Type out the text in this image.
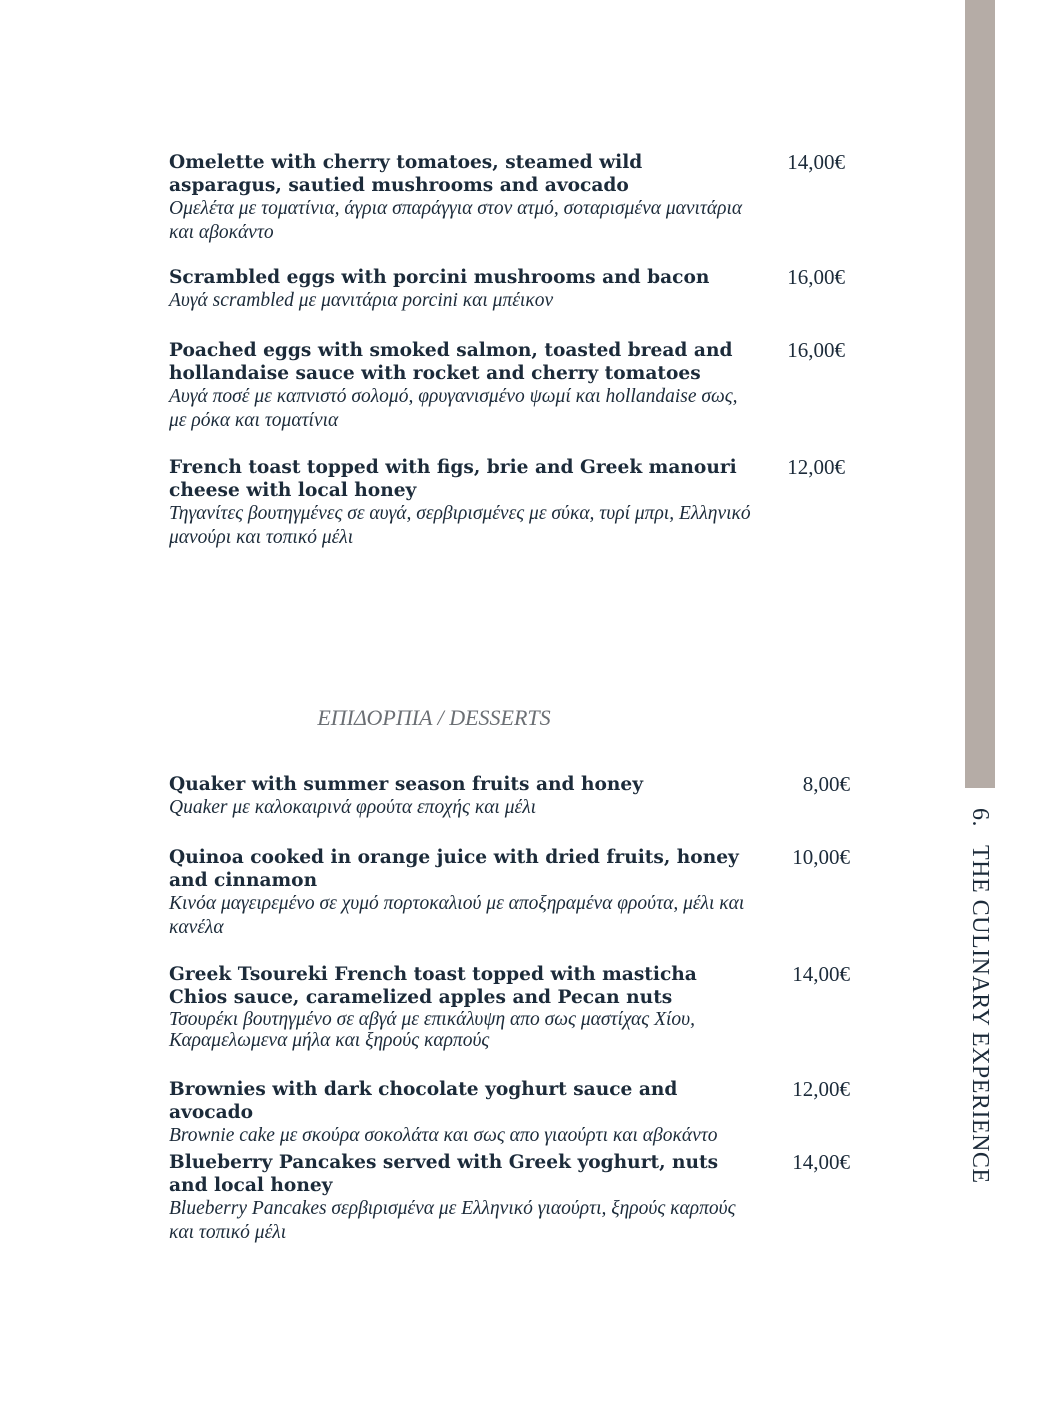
6.THE CULINARY EXPERIENCE
Omelette with cherry tomatoes, steamed wild asparagus, sautied mushrooms and avocado
Ομελέτα με τοματίνια, άγρια σπαράγγια στον ατμό, σοταρισμένα μανιτάρια και αβοκάντο
14,00€
Scrambled eggs with porcini mushrooms and bacon
Αυγά scrambled με μανιτάρια porcini και μπέικον
16,00€
Poached eggs with smoked salmon, toasted bread and hollandaise sauce with rocket and cherry tomatoes
Αυγά ποσέ με καπνιστό σολομό, φρυγανισμένο ψωμί και hollandaise σως, με ρόκα και τοματίνια
16,00€
French toast topped with figs, brie and Greek manouri cheese with local honey
Τηγανίτες βουτηγμένες σε αυγά, σερβιρισμένες με σύκα, τυρί μπρι, Ελληνικό μανούρι και τοπικό μέλι
12,00€
ΕΠΙΔΟΡΠΙΑ / DESSERTS
Quaker with summer season fruits and honey
Quaker με καλοκαιρινά φρούτα εποχής και μέλι
8,00€
Quinoa cooked in orange juice with dried fruits, honey and cinnamon
Κινόα μαγειρεμένο σε χυμό πορτοκαλιού με αποξηραμένα φρούτα, μέλι και κανέλα
10,00€
Greek Tsoureki French toast topped with masticha Chios sauce, caramelized apples and Pecan nuts
Τσουρέκι βουτηγμένο σε αβγά με επικάλυψη απο σως μαστίχας Χίου, Καραμελωμενα μήλα και ξηρούς καρπούς
14,00€
Brownies with dark chocolate yoghurt sauce and avocado
Brownie cake με σκούρα σοκολάτα και σως απο γιαούρτι και αβοκάντο
12,00€
Blueberry Pancakes served with Greek yoghurt, nuts and local honey
Blueberry Pancakes σερβιρισμένα με Ελληνικό γιαούρτι, ξηρούς καρπούς και τοπικό μέλι
14,00€
